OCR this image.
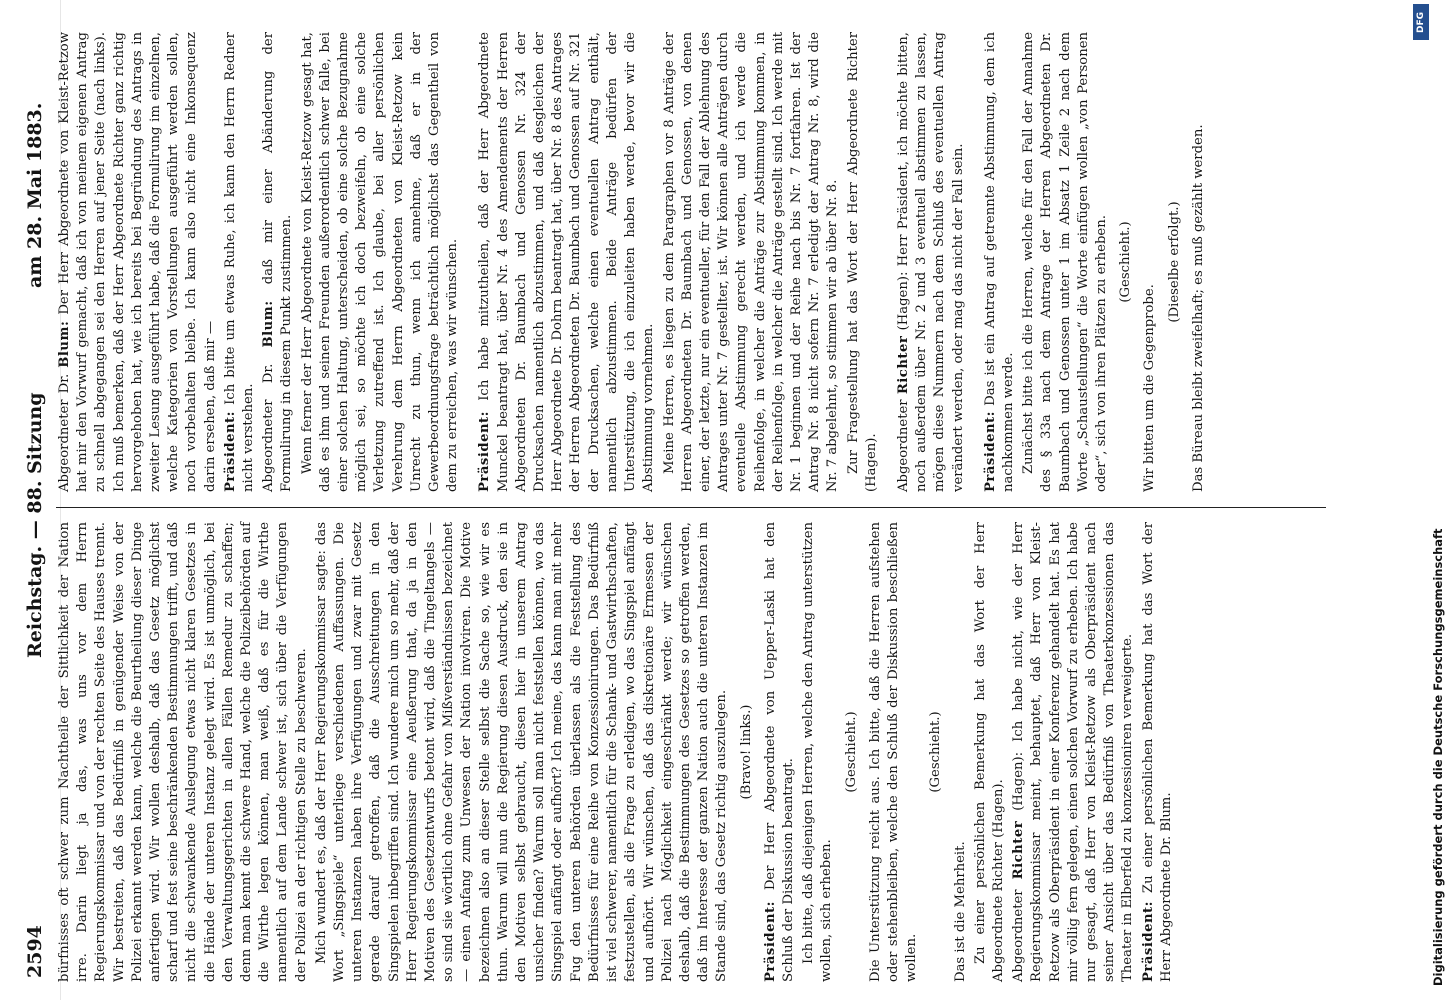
2594
Reichstag. — 88. Sitzung
am 28. Mai 1883.

bürfnisses oft schwer zum Nachtheile der Sittlichkeit der Nation irre. Darin liegt ja das, was uns vor dem Herrn Regierungskommissar und von der rechten Seite des Hauses trennt. Wir bestreiten, daß das Bedürfniß in genügender Weise von der Polizei erkannt werden kann, welche die Beurtheilung dieser Dinge anfertigen wird. Wir wollen deshalb, daß das Gesetz möglichst scharf und fest seine beschränkenden Bestimmungen trifft, und daß nicht die schwankende Auslegung etwas nicht klaren Gesetzes in die Hände der unteren Instanz gelegt wird. Es ist unmöglich, bei den Verwaltungsgerichten in allen Fällen Remedur zu schaffen; denn man kennt die schwere Hand, welche die Polizeibehörden auf die Wirthe legen können, man weiß, daß es für die Wirthe namentlich auf dem Lande schwer ist, sich über die Verfügungen der Polizei an der richtigen Stelle zu beschweren. Mich wundert es, daß der Herr Regierungskommissar sagte: das Wort „Singspiele“ unterliege verschiedenen Auffassungen. Die unteren Instanzen haben ihre Verfügungen und zwar mit Gesetz gerade darauf getroffen, daß die Ausschreitungen in den Singspielen inbegriffen sind. Ich wundere mich um so mehr, daß der Herr Regierungskommissar eine Aeußerung that, da ja in den Motiven des Gesetzentwurfs betont wird, daß die Tingeltangels — so sind sie wörtlich ohne Gefahr von Mißverständnissen bezeichnet — einen Anfang zum Unwesen der Nation involviren. Die Motive bezeichnen also an dieser Stelle selbst die Sache so, wie wir es thun. Warum will nun die Regierung diesen Ausdruck, den sie in den Motiven selbst gebraucht, diesen hier in unserem Antrag unsicher finden? Warum soll man nicht feststellen können, wo das Singspiel anfängt oder aufhört? Ich meine, das kann man mit mehr Fug den unteren Behörden überlassen als die Feststellung des Bedürfnisses für eine Reihe von Konzessionirungen. Das Bedürfniß ist viel schwerer, namentlich für die Schank- und Gastwirthschaften, festzustellen, als die Frage zu erledigen, wo das Singspiel anfängt und aufhört. Wir wünschen, daß das diskretionäre Ermessen der Polizei nach Möglichkeit eingeschränkt werde; wir wünschen deshalb, daß die Bestimmungen des Gesetzes so getroffen werden, daß im Interesse der ganzen Nation auch die unteren Instanzen im Stande sind, das Gesetz richtig auszulegen. (Bravo! links.)

Präsident: Der Herr Abgeordnete von Uepper-Laski hat den Schluß der Diskussion beantragt. Ich bitte, daß diejenigen Herren, welche den Antrag unterstützen wollen, sich erheben.

(Geschieht.) Die Unterstützung reicht aus. Ich bitte, daß die Herren aufstehen oder stehenbleiben, welche den Schluß der Diskussion beschließen wollen.

(Geschieht.)

Das ist die Mehrheit. Zu einer persönlichen Bemerkung hat das Wort der Herr Abgeordnete Richter (Hagen). Abgeordneter Richter (Hagen): Ich habe nicht, wie der Herr Regierungskommissar meint, behauptet, daß Herr von Kleist-Retzow als Oberpräsident in einer Konferenz gehandelt hat. Es hat mir völlig fern gelegen, einen solchen Vorwurf zu erheben. Ich habe nur gesagt, daß Herr von Kleist-Retzow als Oberpräsident nach seiner Ansicht über das Bedürfniß von Theaterkonzessionen das Theater in Elberfeld zu konzessioniren verweigerte. Präsident: Zu einer persönlichen Bemerkung hat das Wort der Herr Abgeordnete Dr. Blum.

Abgeordneter Dr. Blum: Der Herr Abgeordnete von Kleist-Retzow hat mir den Vorwurf gemacht, daß ich von meinem eigenen Antrag zu schnell abgegangen sei den Herren auf jener Seite (nach links). Ich muß bemerken, daß der Herr Abgeordnete Richter ganz richtig hervorgehoben hat, wie ich bereits bei Begründung des Antrags in zweiter Lesung ausgeführt habe, daß die Formulirung im einzelnen, welche Kategorien von Vorstellungen ausgeführt werden sollen, noch vorbehalten bleibe. Ich kann also nicht eine Inkonsequenz darin ersehen, daß mir — Präsident: Ich bitte um etwas Ruhe, ich kann den Herrn Redner nicht verstehen. Abgeordneter Dr. Blum: daß mir einer Abänderung der Formulirung in diesem Punkt zustimmen. Wenn ferner der Herr Abgeordnete von Kleist-Retzow gesagt hat, daß es ihm und seinen Freunden außerordentlich schwer falle, bei einer solchen Haltung, unterscheiden, ob eine solche Bezugnahme möglich sei, so möchte ich doch bezweifeln, ob eine solche Verletzung zutreffend ist. Ich glaube, bei aller persönlichen Verehrung dem Herrn Abgeordneten von Kleist-Retzow kein Unrecht zu thun, wenn ich annehme, daß er in der Gewerbeordnungsfrage beträchtlich möglichst das Gegentheil von dem zu erreichen, was wir wünschen. Präsident: Ich habe mitzutheilen, daß der Herr Abgeordnete Munckel beantragt hat, über Nr. 4 des Amendements der Herren Abgeordneten Dr. Baumbach und Genossen Nr. 324 der Drucksachen namentlich abzustimmen, und daß desgleichen der Herr Abgeordnete Dr. Dohrn beantragt hat, über Nr. 8 des Antrages der Herren Abgeordneten Dr. Baumbach und Genossen auf Nr. 321 der Drucksachen, welche einen eventuellen Antrag enthält, namentlich abzustimmen. Beide Anträge bedürfen der Unterstützung, die ich einzuleiten haben werde, bevor wir die Abstimmung vornehmen. Meine Herren, es liegen zu dem Paragraphen vor 8 Anträge der Herren Abgeordneten Dr. Baumbach und Genossen, von denen einer, der letzte, nur ein eventueller, für den Fall der Ablehnung des Antrages unter Nr. 7 gestellter, ist. Wir können alle Anträgen durch eventuelle Abstimmung gerecht werden, und ich werde die Reihenfolge, in welcher die Anträge zur Abstimmung kommen, in der Reihenfolge, in welcher die Anträge gestellt sind. Ich werde mit Nr. 1 beginnen und der Reihe nach bis Nr. 7 fortfahren. Ist der Antrag Nr. 8 nicht sofern Nr. 7 erledigt der Antrag Nr. 8, wird die Nr. 7 abgelehnt, so stimmen wir ab über Nr. 8. Zur Fragestellung hat das Wort der Herr Abgeordnete Richter (Hagen). Abgeordneter Richter (Hagen): Herr Präsident, ich möchte bitten, noch außerdem über Nr. 2 und 3 eventuell abstimmen zu lassen, mögen diese Nummern nach dem Schluß des eventuellen Antrag verändert werden, oder mag das nicht der Fall sein. Präsident: Das ist ein Antrag auf getrennte Abstimmung, dem ich nachkommen werde. Zunächst bitte ich die Herren, welche für den Fall der Annahme des § 33a nach dem Antrage der Herren Abgeordneten Dr. Baumbach und Genossen unter 1 im Absatz 1 Zeile 2 nach dem Worte „Schaustellungen“ die Worte einfügen wollen „von Personen oder“, sich von ihren Plätzen zu erheben. (Geschieht.)

Wir bitten um die Gegenprobe.

(Dieselbe erfolgt.) Das Büreau bleibt zweifelhaft; es muß gezählt werden.

DFG
Digitalisierung gefördert durch die Deutsche Forschungsgemeinschaft
